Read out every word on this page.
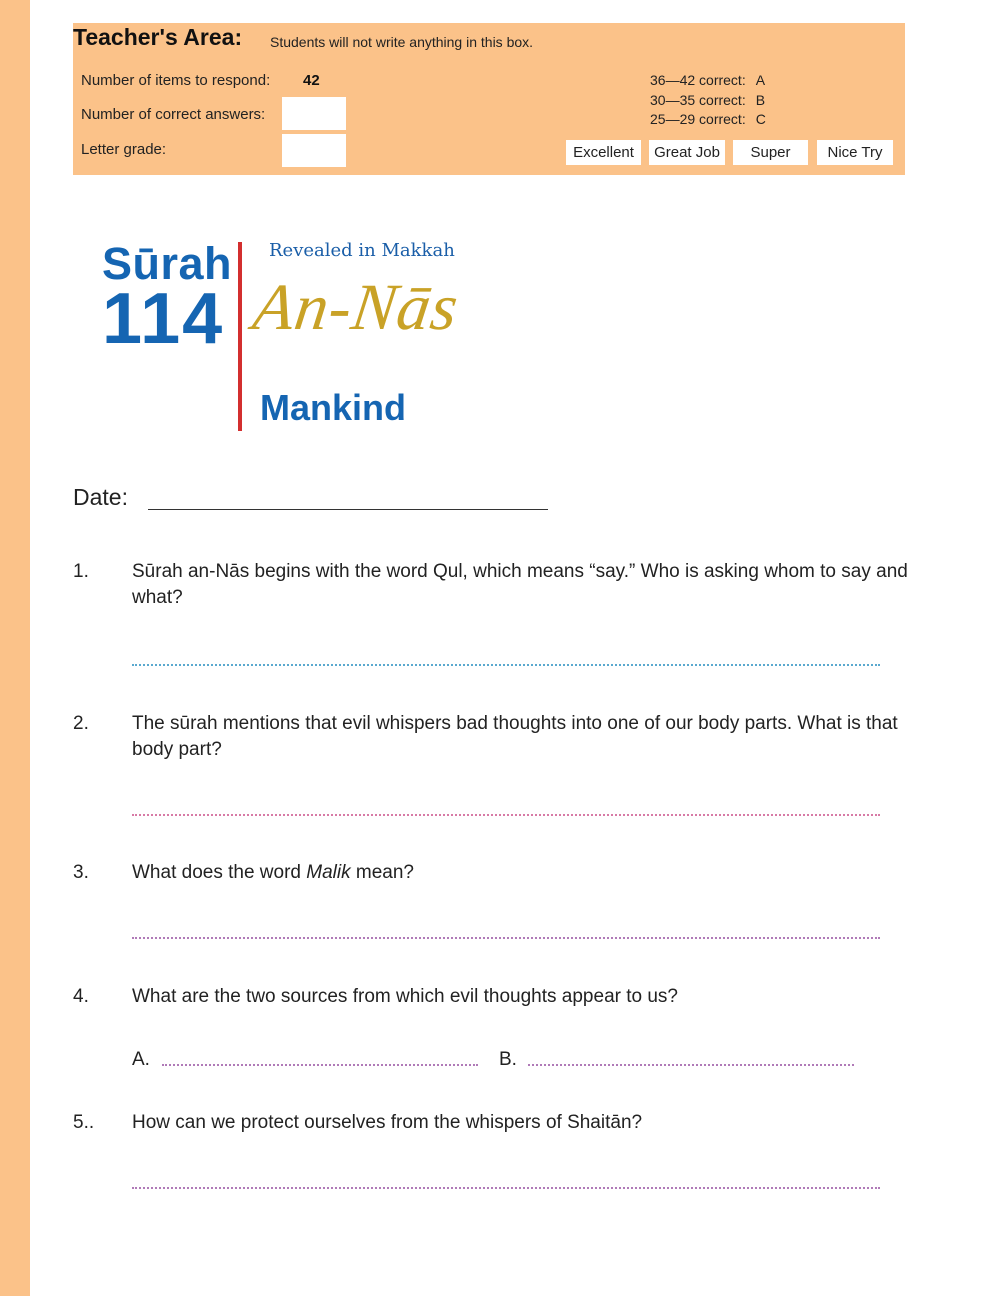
Teacher's Area: Students will not write anything in this box.
Number of items to respond: 42
Number of correct answers:
Letter grade:
36—42 correct: A
30—35 correct: B
25—29 correct: C
Excellent	Great Job	Super	Nice Try
Sūrah
114
Revealed in Makkah
An-Nās
Mankind
Date:
1. Sūrah an-Nās begins with the word Qul, which means “say.” Who is asking whom to say and what?
2. The sūrah mentions that evil whispers bad thoughts into one of our body parts. What is that body part?
3. What does the word Malik mean?
4. What are the two sources from which evil thoughts appear to us?
A.	B.
5.. How can we protect ourselves from the whispers of Shaitān?
